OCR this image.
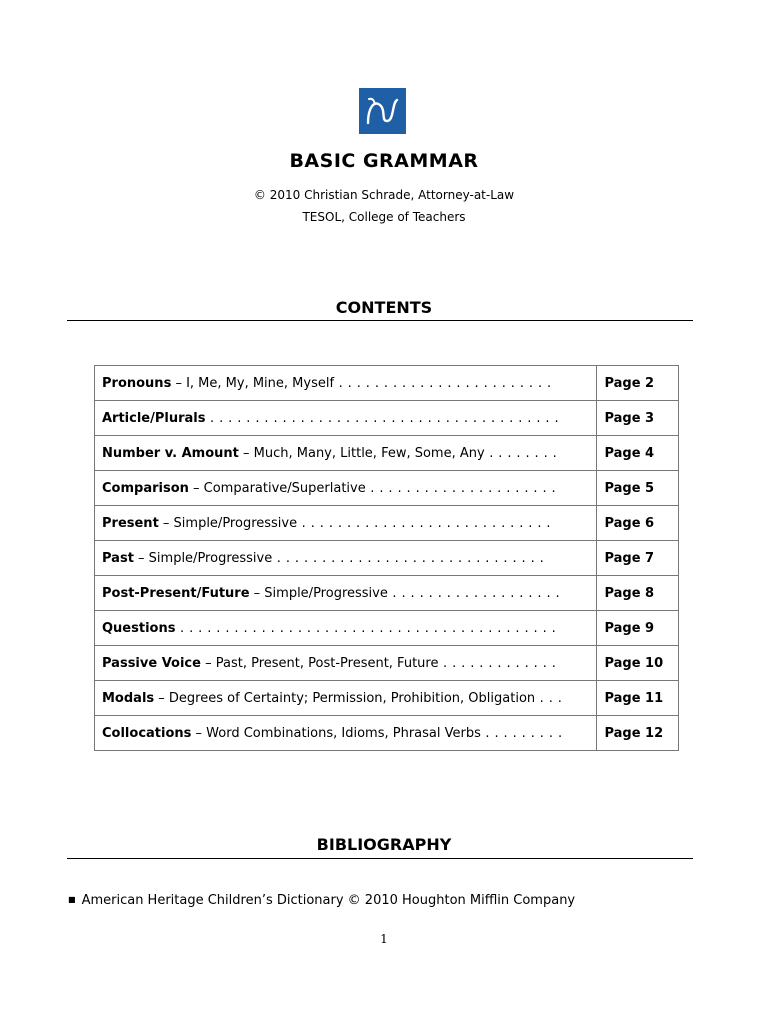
BASIC GRAMMAR
© 2010 Christian Schrade, Attorney-at-Law
TESOL, College of Teachers
CONTENTS
Pronouns – I, Me, My, Mine, Myself . . . . . . . . . . . . . . . . . . . . . . . .	Page 2
Article/Plurals . . . . . . . . . . . . . . . . . . . . . . . . . . . . . . . . . . . . . . .	Page 3
Number v. Amount – Much, Many, Little, Few, Some, Any . . . . . . . .	Page 4
Comparison – Comparative/Superlative . . . . . . . . . . . . . . . . . . . . .	Page 5
Present – Simple/Progressive . . . . . . . . . . . . . . . . . . . . . . . . . . . .	Page 6
Past – Simple/Progressive . . . . . . . . . . . . . . . . . . . . . . . . . . . . . .	Page 7
Post-Present/Future – Simple/Progressive . . . . . . . . . . . . . . . . . . .	Page 8
Questions . . . . . . . . . . . . . . . . . . . . . . . . . . . . . . . . . . . . . . . . . .	Page 9
Passive Voice – Past, Present, Post-Present, Future . . . . . . . . . . . . .	Page 10
Modals – Degrees of Certainty; Permission, Prohibition, Obligation . . .	Page 11
Collocations – Word Combinations, Idioms, Phrasal Verbs . . . . . . . . .	Page 12
BIBLIOGRAPHY
■ American Heritage Children’s Dictionary © 2010 Houghton Mifflin Company
1
